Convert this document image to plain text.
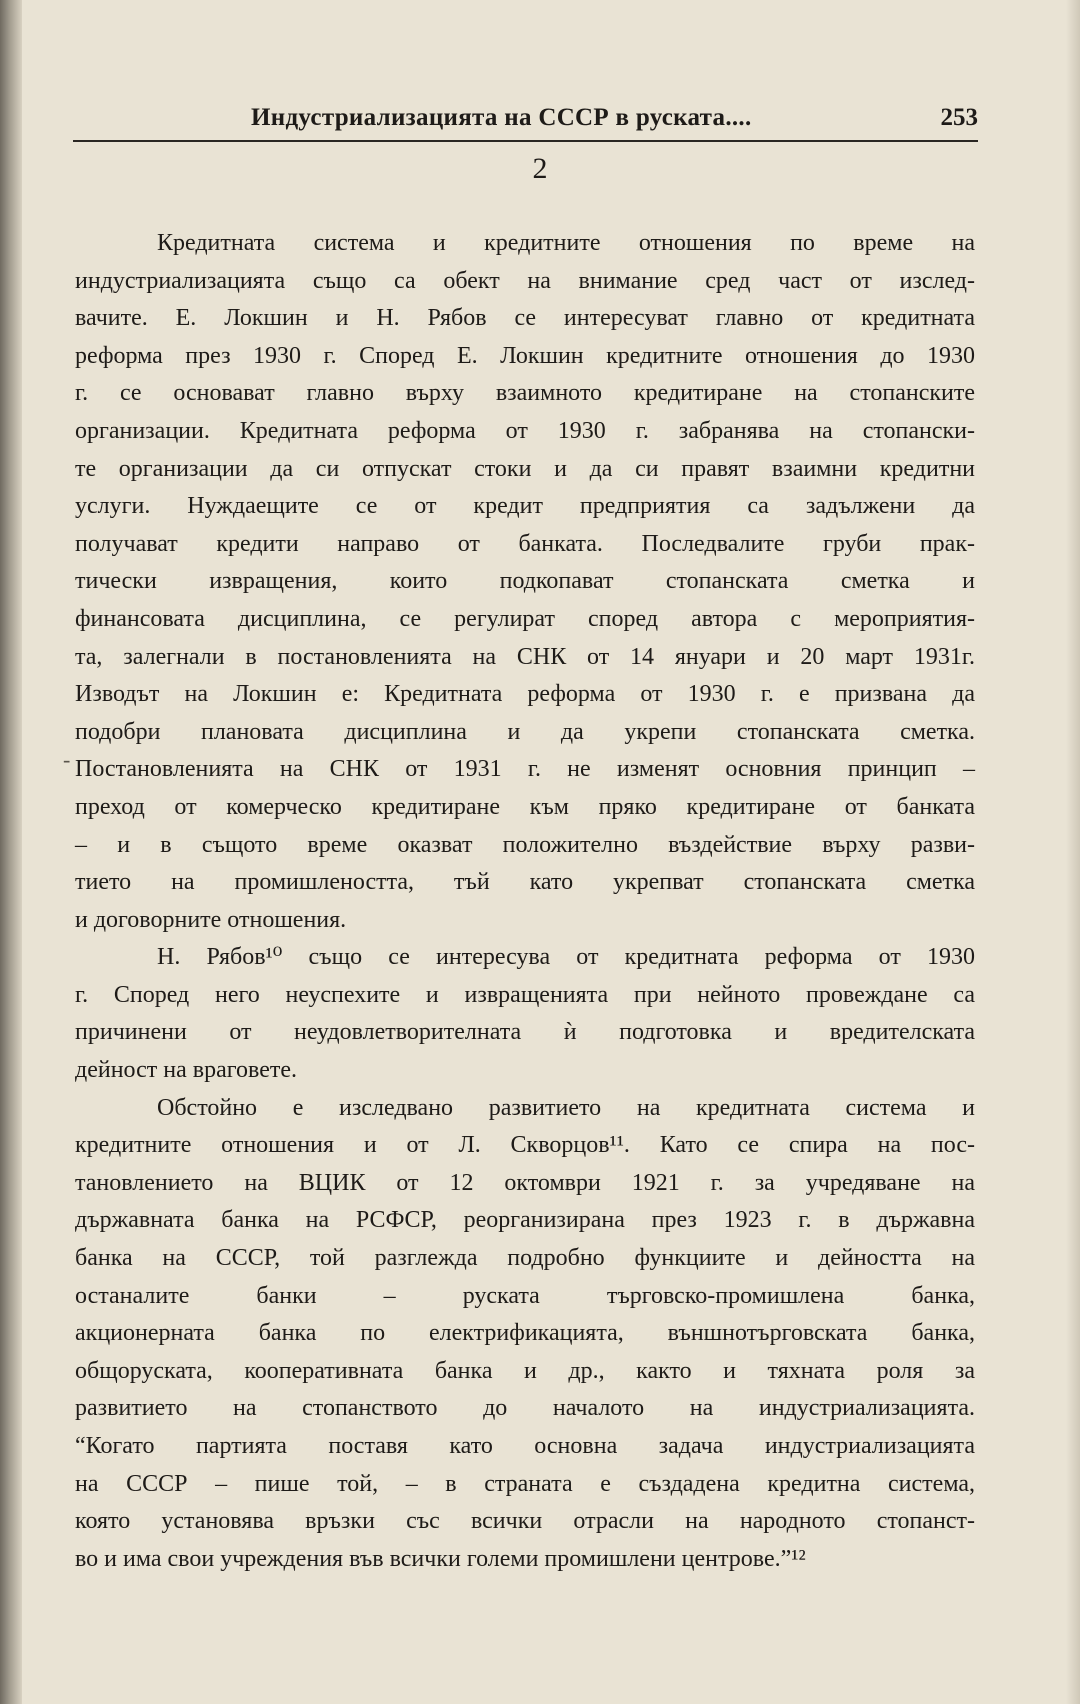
Индустриализацията на СССР в руската....	253
2
-
Кредитната система и кредитните отношения по време на
индустриализацията също са обект на внимание сред част от изслед-
вачите. Е. Локшин и Н. Рябов се интересуват главно от кредитната
реформа през 1930 г. Според Е. Локшин кредитните отношения до 1930
г. се основават главно върху взаимното кредитиране на стопанските
организации. Кредитната реформа от 1930 г. забранява на стопански-
те организации да си отпускат стоки и да си правят взаимни кредитни
услуги. Нуждаещите се от кредит предприятия са задължени да
получават кредити направо от банката. Последвалите груби прак-
тически извращения, които подкопават стопанската сметка и
финансовата дисциплина, се регулират според автора с мероприятия-
та, залегнали в постановленията на СНК от 14 януари и 20 март 1931г.
Изводът на Локшин е: Кредитната реформа от 1930 г. е призвана да
подобри плановата дисциплина и да укрепи стопанската сметка.
Постановленията на СНК от 1931 г. не изменят основния принцип –
преход от комерческо кредитиране към пряко кредитиране от банката
– и в същото време оказват положително въздействие върху разви-
тието на промишлеността, тъй като укрепват стопанската сметка
и договорните отношения.
Н. Рябов¹⁰ също се интересува от кредитната реформа от 1930
г. Според него неуспехите и извращенията при нейното провеждане са
причинени от неудовлетворителната ѝ подготовка и вредителската
дейност на враговете.
Обстойно е изследвано развитието на кредитната система и
кредитните отношения и от Л. Скворцов¹¹. Като се спира на пос-
тановлението на ВЦИК от 12 октомври 1921 г. за учредяване на
държавната банка на РСФСР, реорганизирана през 1923 г. в държавна
банка на СССР, той разглежда подробно функциите и дейността на
останалите банки – руската търговско-промишлена банка,
акционерната банка по електрификацията, външнотърговската банка,
общоруската, кооперативната банка и др., както и тяхната роля за
развитието на стопанството до началото на индустриализацията.
“Когато партията поставя като основна задача индустриализацията
на СССР – пише той, – в страната е създадена кредитна система,
която установява връзки със всички отрасли на народното стопанст-
во и има свои учреждения във всички големи промишлени центрове.”¹²
